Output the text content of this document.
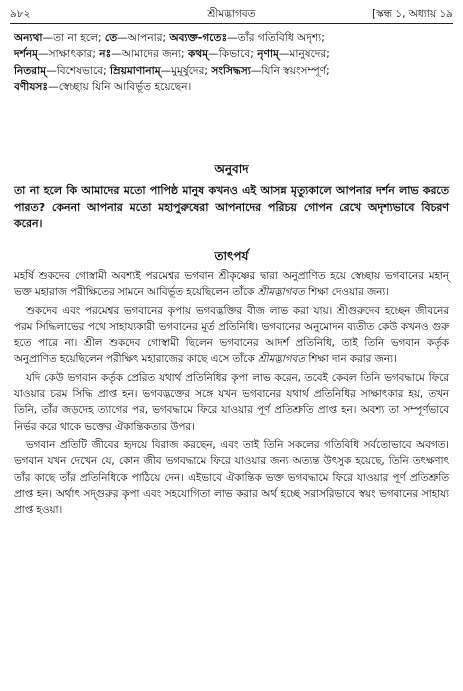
৯৮২	শ্রীমদ্ভাগবত	[স্কন্ধ ১, অধ্যায় ১৯
অন্যথা—তা না হলে; তে—আপনার; অব্যক্ত-গতেঃ—তাঁর গতিবিধি অদৃশ্য;
দর্শনম্‌—সাক্ষাৎকার; নঃ—আমাদের জন্য; কথম্‌—কিভাবে; নৃণাম্‌—মানুষদের;
নিতরাম্‌—বিশেষভাবে; ম্রিয়মাণানাম্‌—মুমূর্ষুদের; সংসিদ্ধস্য—যিনি স্বয়ংসম্পূর্ণ;
বণীযসঃ—স্বেচ্ছায় যিনি আবির্ভূত হয়েছেন।
অনুবাদ
তা না হলে কি আমাদের মতো পাপিষ্ঠ মানুষ কখনও এই আসন্ন মৃত্যুকালে আপনার দর্শন লাভ করতে পারত? কেননা আপনার মতো মহাপুরুষেরা আপনাদের পরিচয় গোপন রেখে অদৃশ্যভাবে বিচরণ করেন।
তাৎপর্য

মহর্ষি শুকদেব গোস্বামী অবশ্যই পরমেশ্বর ভগবান শ্রীকৃষ্ণের দ্বারা অনুপ্রাণিত হয়ে স্বেচ্ছায় ভগবানের মহান্‌ ভক্ত মহারাজ পরীক্ষিতের সামনে আবির্ভূত হয়েছিলেন তাঁকে শ্রীমদ্ভাগবত শিক্ষা দেওয়ার জন্য।

শুকদেব এবং পরমেশ্বর ভগবানের কৃপায় ভগবদ্ভক্তির বীজ লাভ করা যায়। শ্রীগুরুদেব হচ্ছেন জীবনের পরম সিদ্ধিলাভের পথে সাহায্যকারী ভগবানের মূর্ত প্রতিনিধি। ভগবানের অনুমোদন ব্যতীত কেউ কখনও গুরু হতে পারে না। শ্রীল শুকদেব গোস্বামী ছিলেন ভগবানের আদর্শ প্রতিনিধি, তাই তিনি ভগবান কর্তৃক অনুপ্রাণিত হয়েছিলেন পরীক্ষিৎ মহারাজের কাছে এসে তাঁকে শ্রীমদ্ভাগবত শিক্ষা দান করার জন্য।

যদি কেউ ভগবান কর্তৃক প্রেরিত যথার্থ প্রতিনিধির কৃপা লাভ করেন, তবেই কেবল তিনি ভগবদ্ধামে ফিরে যাওয়ার চরম সিদ্ধি প্রাপ্ত হন। ভগবদ্ভক্তের সঙ্গে যখন ভগবানের যথার্থ প্রতিনিধির সাক্ষাৎকার হয়, তখন তিনি, তাঁর জড়দেহ ত্যাগের পর, ভগবদ্ধামে ফিরে যাওয়ার পূর্ণ প্রতিশ্রুতি প্রাপ্ত হন। অবশ্য তা সম্পূর্ণভাবে নির্ভর করে থাকে ভক্তের ঐকান্তিকতার উপর।

ভগবান প্রতিটি জীবের হৃদয়ে বিরাজ করছেন, এবং তাই তিনি সকলের গতিবিধি সর্বতোভাবে অবগত। ভগবান যখন দেখেন যে, কোন জীব ভগবদ্ধামে ফিরে যাওয়ার জন্য অত্যন্ত উৎসুক হয়েছে, তিনি তৎক্ষণাৎ তাঁর কাছে তাঁর প্রতিনিধিকে পাঠিয়ে দেন। এইভাবে ঐকান্তিক ভক্ত ভগবদ্ধামে ফিরে যাওয়ার পূর্ণ প্রতিশ্রুতি প্রাপ্ত হন। অর্থাৎ সদ্গুরুর কৃপা এবং সহযোগিতা লাভ করার অর্থ হচ্ছে সরাসরিভাবে স্বয়ং ভগবানের সাহায্য প্রাপ্ত হওয়া।
